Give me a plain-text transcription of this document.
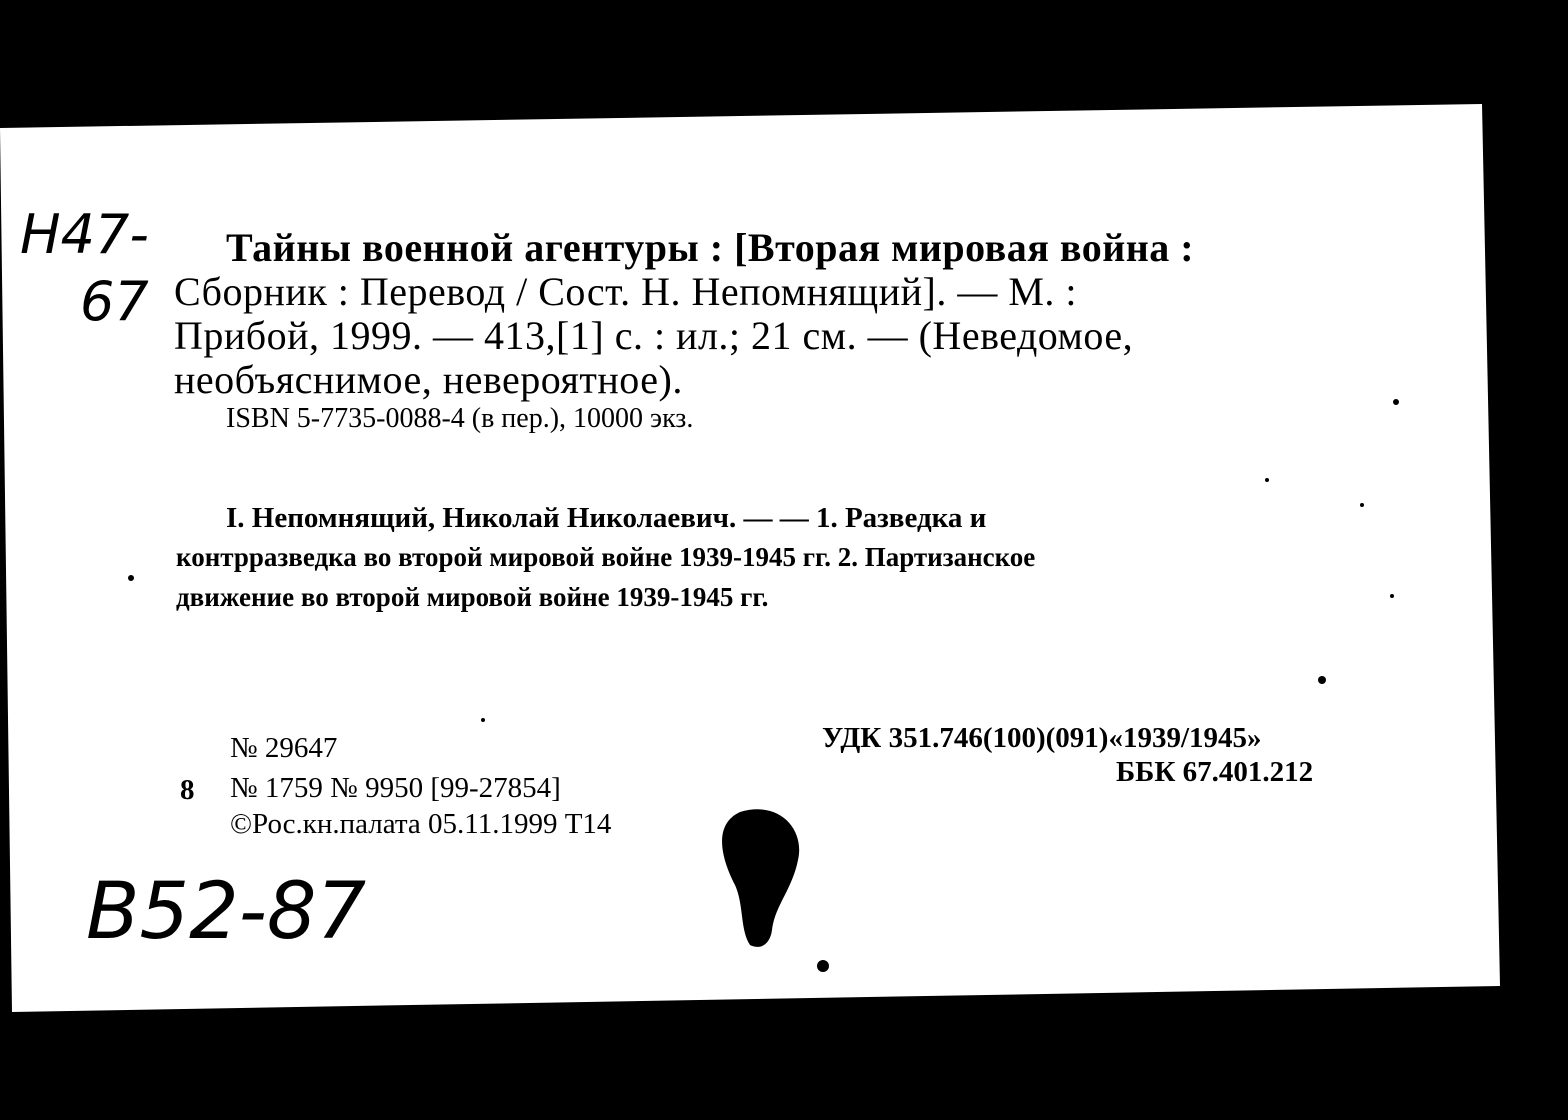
Н47-
67
В52-87
Тайны военной агентуры : [Вторая мировая война :
Сборник : Перевод / Сост. Н. Непомнящий]. — М. :
Прибой, 1999. — 413,[1] с. : ил.; 21 см. — (Неведомое,
необъяснимое, невероятное).
ISBN 5-7735-0088-4 (в пер.), 10000 экз.
I. Непомнящий, Николай Николаевич. — — 1. Разведка и
контрразведка во второй мировой войне 1939-1945 гг. 2. Партизанское
движение во второй мировой войне 1939-1945 гг.
№ 29647
8 № 1759 № 9950 [99-27854]
©Рос.кн.палата 05.11.1999 Т14
УДК 351.746(100)(091)«1939/1945»
ББК 67.401.212
